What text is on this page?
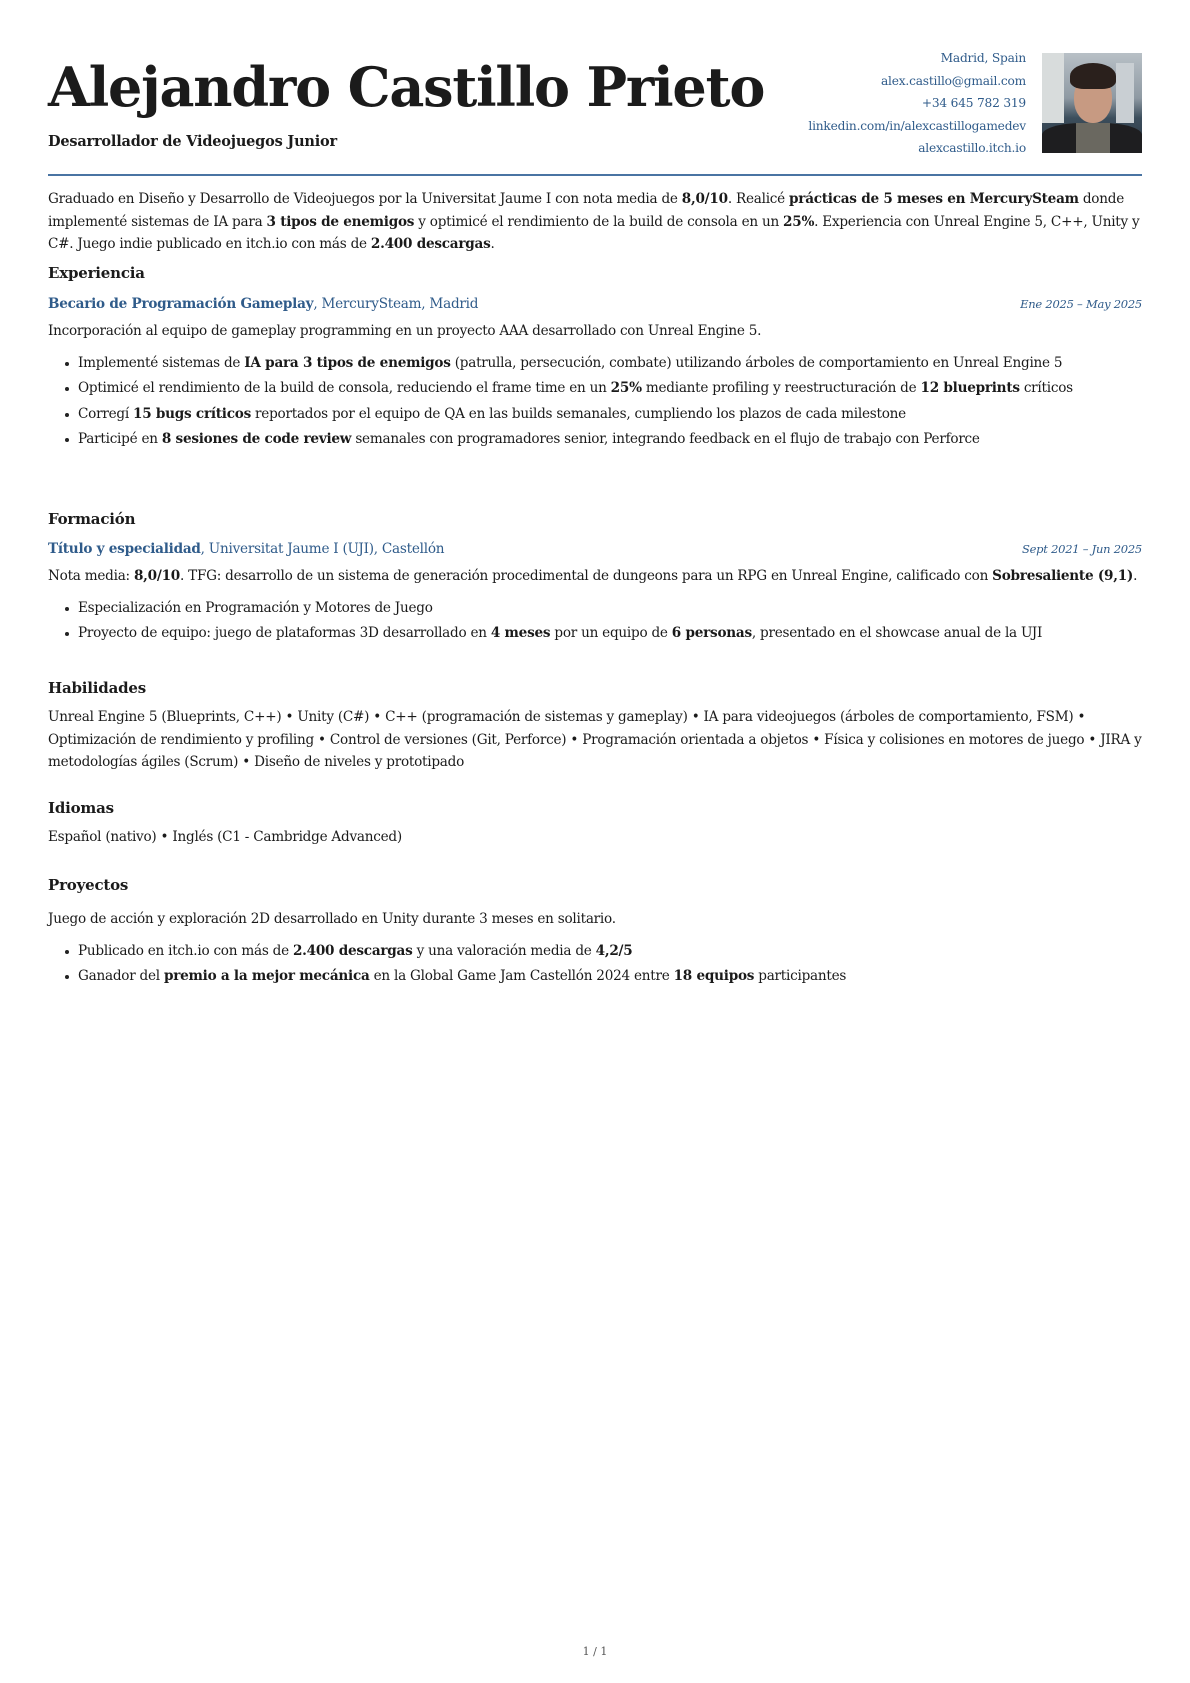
Alejandro Castillo Prieto
Desarrollador de Videojuegos Junior
Madrid, Spain
alex.castillo@gmail.com
+34 645 782 319
linkedin.com/in/alexcastillogamedev
alexcastillo.itch.io

Graduado en Diseño y Desarrollo de Videojuegos por la Universitat Jaume I con nota media de 8,0/10. Realicé prácticas de 5 meses en MercurySteam donde implementé sistemas de IA para 3 tipos de enemigos y optimicé el rendimiento de la build de consola en un 25%. Experiencia con Unreal Engine 5, C++, Unity y C#. Juego indie publicado en itch.io con más de 2.400 descargas.

Experiencia
Becario de Programación Gameplay, MercurySteam, Madrid	Ene 2025 – May 2025

Incorporación al equipo de gameplay programming en un proyecto AAA desarrollado con Unreal Engine 5.

Implementé sistemas de IA para 3 tipos de enemigos (patrulla, persecución, combate) utilizando árboles de comportamiento en Unreal Engine 5
Optimicé el rendimiento de la build de consola, reduciendo el frame time en un 25% mediante profiling y reestructuración de 12 blueprints críticos
Corregí 15 bugs críticos reportados por el equipo de QA en las builds semanales, cumpliendo los plazos de cada milestone
Participé en 8 sesiones de code review semanales con programadores senior, integrando feedback en el flujo de trabajo con Perforce
Formación
Título y especialidad, Universitat Jaume I (UJI), Castellón	Sept 2021 – Jun 2025

Nota media: 8,0/10. TFG: desarrollo de un sistema de generación procedimental de dungeons para un RPG en Unreal Engine, calificado con Sobresaliente (9,1).

Especialización en Programación y Motores de Juego
Proyecto de equipo: juego de plataformas 3D desarrollado en 4 meses por un equipo de 6 personas, presentado en el showcase anual de la UJI
Habilidades

Unreal Engine 5 (Blueprints, C++) • Unity (C#) • C++ (programación de sistemas y gameplay) • IA para videojuegos (árboles de comportamiento, FSM) • Optimización de rendimiento y profiling • Control de versiones (Git, Perforce) • Programación orientada a objetos • Física y colisiones en motores de juego • JIRA y metodologías ágiles (Scrum) • Diseño de niveles y prototipado

Idiomas

Español (nativo) • Inglés (C1 - Cambridge Advanced)

Proyectos

Juego de acción y exploración 2D desarrollado en Unity durante 3 meses en solitario.

Publicado en itch.io con más de 2.400 descargas y una valoración media de 4,2/5
Ganador del premio a la mejor mecánica en la Global Game Jam Castellón 2024 entre 18 equipos participantes
1 / 1
